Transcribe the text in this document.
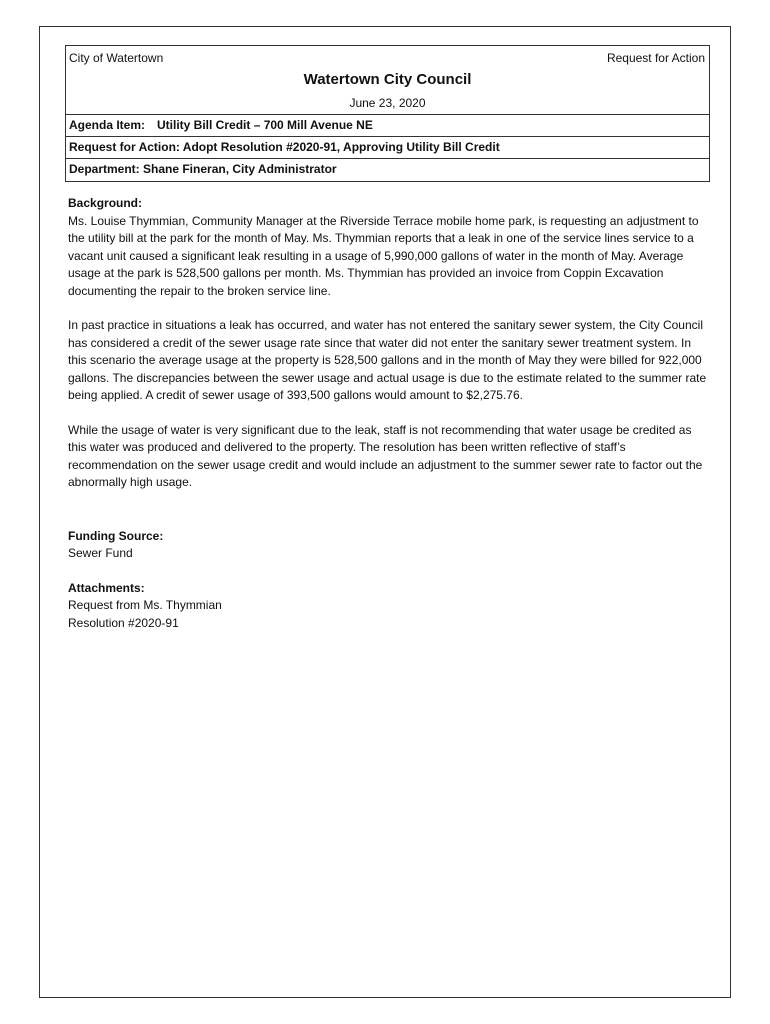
City of Watertown	Request for Action
Watertown City Council
June 23, 2020
Agenda Item: Utility Bill Credit – 700 Mill Avenue NE
Request for Action: Adopt Resolution #2020-91, Approving Utility Bill Credit
Department: Shane Fineran, City Administrator

Background:

Ms. Louise Thymmian, Community Manager at the Riverside Terrace mobile home park, is requesting an adjustment to the utility bill at the park for the month of May. Ms. Thymmian reports that a leak in one of the service lines service to a vacant unit caused a significant leak resulting in a usage of 5,990,000 gallons of water in the month of May. Average usage at the park is 528,500 gallons per month. Ms. Thymmian has provided an invoice from Coppin Excavation documenting the repair to the broken service line.

In past practice in situations a leak has occurred, and water has not entered the sanitary sewer system, the City Council has considered a credit of the sewer usage rate since that water did not enter the sanitary sewer treatment system. In this scenario the average usage at the property is 528,500 gallons and in the month of May they were billed for 922,000 gallons. The discrepancies between the sewer usage and actual usage is due to the estimate related to the summer rate being applied. A credit of sewer usage of 393,500 gallons would amount to $2,275.76.

While the usage of water is very significant due to the leak, staff is not recommending that water usage be credited as this water was produced and delivered to the property. The resolution has been written reflective of staff’s recommendation on the sewer usage credit and would include an adjustment to the summer sewer rate to factor out the abnormally high usage.

Funding Source:

Sewer Fund

Attachments:

Request from Ms. Thymmian

Resolution #2020-91
